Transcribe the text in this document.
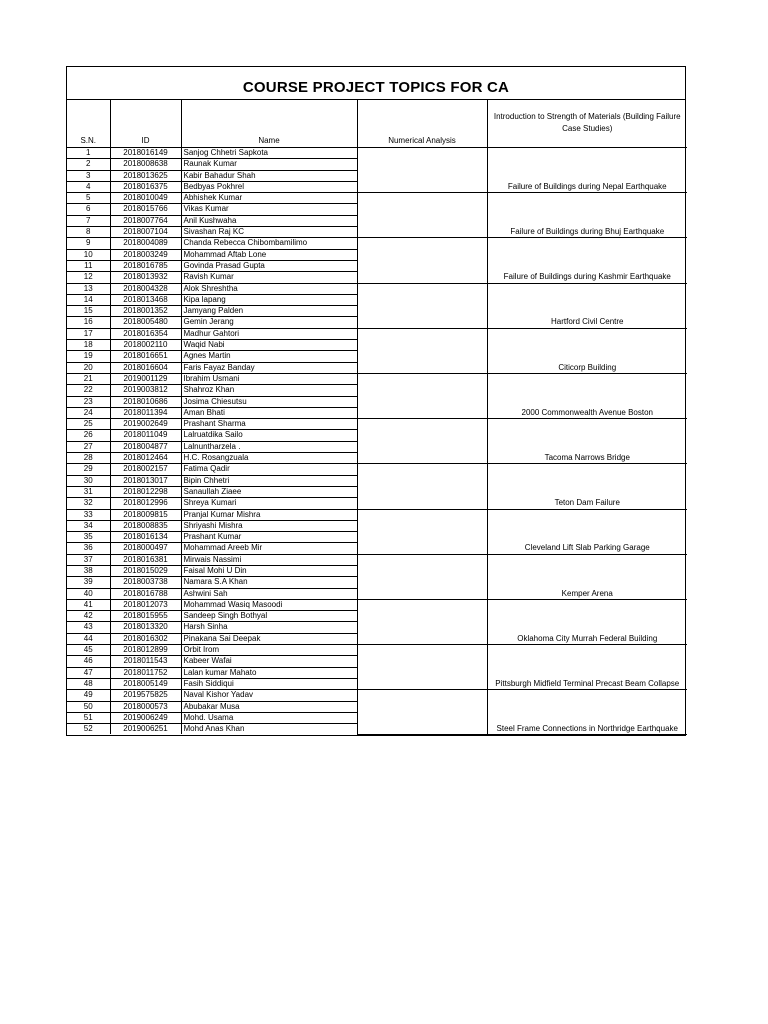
COURSE PROJECT TOPICS FOR CA
S.N.	ID	Name	Numerical Analysis	Introduction to Strength of Materials (Building Failure Case Studies)
1	2018016149	Sanjog Chhetri Sapkota		Failure of Buildings during Nepal Earthquake
2	2018008638	Raunak Kumar		
3	2018013625	Kabir Bahadur Shah		
4	2018016375	Bedbyas Pokhrel		
5	2018010049	Abhishek Kumar		Failure of Buildings during Bhuj Earthquake
6	2018015766	Vikas Kumar		
7	2018007764	Anil Kushwaha		
8	2018007104	Sivashan Raj KC		
9	2018004089	Chanda Rebecca Chibombamilimo		Failure of Buildings during Kashmir Earthquake
10	2018003249	Mohammad Aftab Lone		
11	2018016785	Govinda Prasad Gupta		
12	2018013932	Ravish Kumar		
13	2018004328	Alok Shreshtha		Hartford Civil Centre
14	2018013468	Kipa lapang		
15	2018001352	Jamyang Palden		
16	2018005480	Gemin Jerang		
17	2018016354	Madhur Gahtori		Citicorp Building
18	2018002110	Waqid Nabi		
19	2018016651	Agnes Martin		
20	2018016604	Faris Fayaz Banday		
21	2019001129	Ibrahim Usmani		2000 Commonwealth Avenue Boston
22	2019003812	Shahroz Khan		
23	2018010686	Josima Chiesutsu		
24	2018011394	Aman Bhati		
25	2019002649	Prashant Sharma		Tacoma Narrows Bridge
26	2018011049	Lalruatdika Sailo		
27	2018004877	Lalnuntharzela .		
28	2018012464	H.C. Rosangzuala		
29	2018002157	Fatima Qadir		Teton Dam Failure
30	2018013017	Bipin Chhetri		
31	2018012298	Sanaullah Ziaee		
32	2018012996	Shreya Kumari		
33	2018009815	Pranjal Kumar Mishra		Cleveland Lift Slab Parking Garage
34	2018008835	Shriyashi Mishra		
35	2018016134	Prashant Kumar		
36	2018000497	Mohammad Areeb Mir		
37	2018016381	Mirwais Nassimi		Kemper Arena
38	2018015029	Faisal Mohi U Din		
39	2018003738	Namara S.A Khan		
40	2018016788	Ashwini Sah		
41	2018012073	Mohammad Wasiq Masoodi		Oklahoma City Murrah Federal Building
42	2018015955	Sandeep Singh Bothyal		
43	2018013320	Harsh Sinha		
44	2018016302	Pinakana Sai Deepak		
45	2018012899	Orbit Irom		Pittsburgh Midfield Terminal Precast Beam Collapse
46	2018011543	Kabeer Wafai		
47	2018011752	Lalan kumar Mahato		
48	2018005149	Fasih Siddiqui		
49	2019575825	Naval Kishor Yadav		Steel Frame Connections in Northridge Earthquake
50	2018000573	Abubakar Musa		
51	2019006249	Mohd. Usama		
52	2019006251	Mohd Anas Khan		
